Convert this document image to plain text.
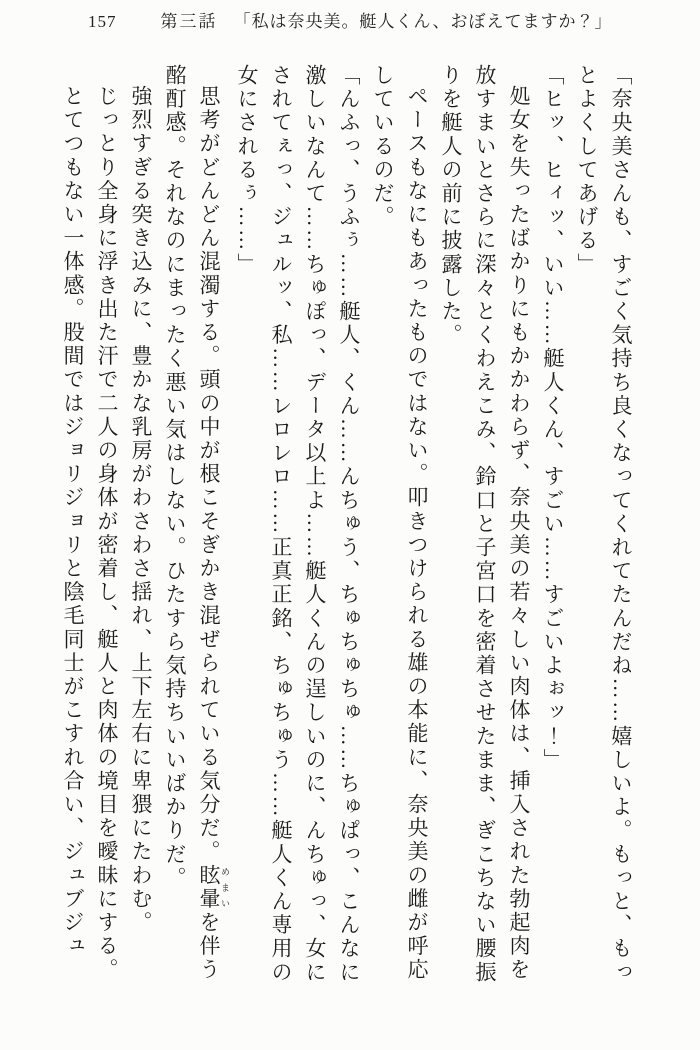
157	第三話 「私は奈央美。艇人くん、おぼえてますか？」

「奈央美さんも、すごく気持ち良くなってくれてたんだね……嬉しいよ。もっと、もっとよくしてあげる」

「ヒッ、ヒィッ、いい……艇人くん、すごい……すごいよぉッ！」

処女を失ったばかりにもかかわらず、奈央美の若々しい肉体は、挿入された勃起肉を放すまいとさらに深々とくわえこみ、鈴口と子宮口を密着させたまま、ぎこちない腰振りを艇人の前に披露した。

ペースもなにもあったものではない。叩きつけられる雄の本能に、奈央美の雌が呼応しているのだ。

「んふっ、うふぅ……艇人、くん……んちゅう、ちゅちゅちゅ……ちゅぱっ、こんなに激しいなんて……ちゅぽっ、データ以上よ……艇人くんの逞しいのに、んちゅっ、女にされてぇっ、ジュルッ、私……レロレロ……正真正銘、ちゅちゅう……艇人くん専用の女にされるぅ……」

思考がどんどん混濁する。頭の中が根こそぎかき混ぜられている気分だ。眩暈 めまいを伴う酩酊感。それなのにまったく悪い気はしない。ひたすら気持ちいいばかりだ。

強烈すぎる突き込みに、豊かな乳房がわさわさ揺れ、上下左右に卑猥にたわむ。

じっとり全身に浮き出た汗で二人の身体が密着し、艇人と肉体の境目を曖昧にする。

とてつもない一体感。股間ではジョリジョリと陰毛同士がこすれ合い、ジュブジュ
